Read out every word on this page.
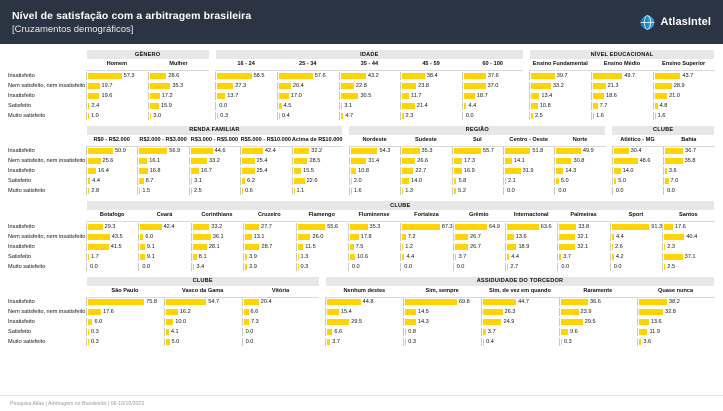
Nível de satisfação com a arbitragem brasileira
[Cruzamentos demográficos]
AtlasIntel
	GÊNERO			IDADE						NÍVEL EDUCACIONAL		
	Homem	Mulher		16 - 24	25 - 34	35 - 44	45 - 59	60 - 100		Ensino Fundamental	Ensino Médio	Ensino Superior
Insatisfeito	57.3	28.6		58.5	57.6	43.2	38.4	37.6		39.7	49.7	43.7

Nem satisfeito, nem insatisfeito	19.7	35.3		27.3	20.4	22.8	23.8	37.0		33.2	21.3	28.9

Insatisfeito	19.6	17.2		13.7	17.0	30.5	11.7	18.7		13.4	18.6	21.0

Satisfeito	2.4	15.9		0.0	4.5	3.1	21.4	4.4		10.8	7.7	4.8

Muito satisfeito	1.0	3.0		0.3	0.4	4.7	2.3	0.0		2.5	1.6	1.6
	RENDA FAMILIAR						REGIÃO						CLUBE	
	R$0 - R$2.000	R$2.000 - R$3.000	R$3.000 - R$5.000	R$5.000 - R$10.000	Acima de R$10.000		Nordeste	Sudeste	Sul	Centro - Oeste	Norte		Atlético - MG	Bahia
Insatisfeito	50.9	56.9	44.6	42.4	32.2		54.3	35.3	55.7	51.8	49.9		30.4	36.7

Nem satisfeito, nem insatisfeito	25.6	16.1	33.2	25.4	28.5		31.4	26.6	17.3	14.1	30.8		48.6	35.8

Insatisfeito	16.4	16.8	16.7	25.4	15.5		10.8	22.7	16.9	31.9	14.3		14.0	3.6

Satisfeito	4.4	8.7	3.1	6.2	22.6		2.0	14.0	5.8	2.1	5.0		5.0	7.0

Muito satisfeito	2.8	1.5	2.5	0.6	1.1		1.6	1.3	5.2	0.0	0.0		0.0	0.0
	CLUBE											
	Botafogo	Ceará	Corinthians	Cruzeiro	Flamengo	Fluminense	Fortaleza	Grêmio	Internacional	Palmeiras	Sport	Santos
Insatisfeito	29.3	42.4	33.2	27.7	55.6	35.3	87.3	64.9	63.6	33.8	91.3	17.6

Nem satisfeito, nem insatisfeito	43.5	6.0	36.1	13.1	26.0	17.8	7.2	26.7	13.6	32.1	4.4	40.4

Insatisfeito	41.5	9.1	28.1	28.7	11.5	7.5	1.2	26.7	18.9	32.1	2.6	2.3

Satisfeito	1.7	9.1	8.1	3.9	1.3	10.6	4.4	3.7	4.4	3.7	4.2	37.1

Muito satisfeito	0.0	0.0	3.4	3.9	0.3	0.0	0.0	0.0	2.7	0.0	0.0	2.5
	CLUBE				ASSIDUIDADE DO TORCEDOR				
	São Paulo	Vasco da Gama	Vitória		Nenhum destes	Sim, sempre	Sim, de vez em quando	Raramente	Quase nunca
Insatisfeito	75.8	54.7	20.4		44.8	69.8	44.7	36.6	38.2

Nem satisfeito, nem insatisfeito	17.6	16.2	6.6		15.4	14.5	26.3	23.9	32.8

Insatisfeito	6.0	10.0	7.3		29.5	14.3	24.9	29.5	13.6

Satisfeito	0.3	4.1	0.0		6.6	0.8	3.7	9.6	11.9

Muito satisfeito	0.3	5.0	0.0		3.7	0.3	0.4	0.3	3.6
Pesquisa Atlas | Arbitragem no Brasileirão | 06-10/10/2023
